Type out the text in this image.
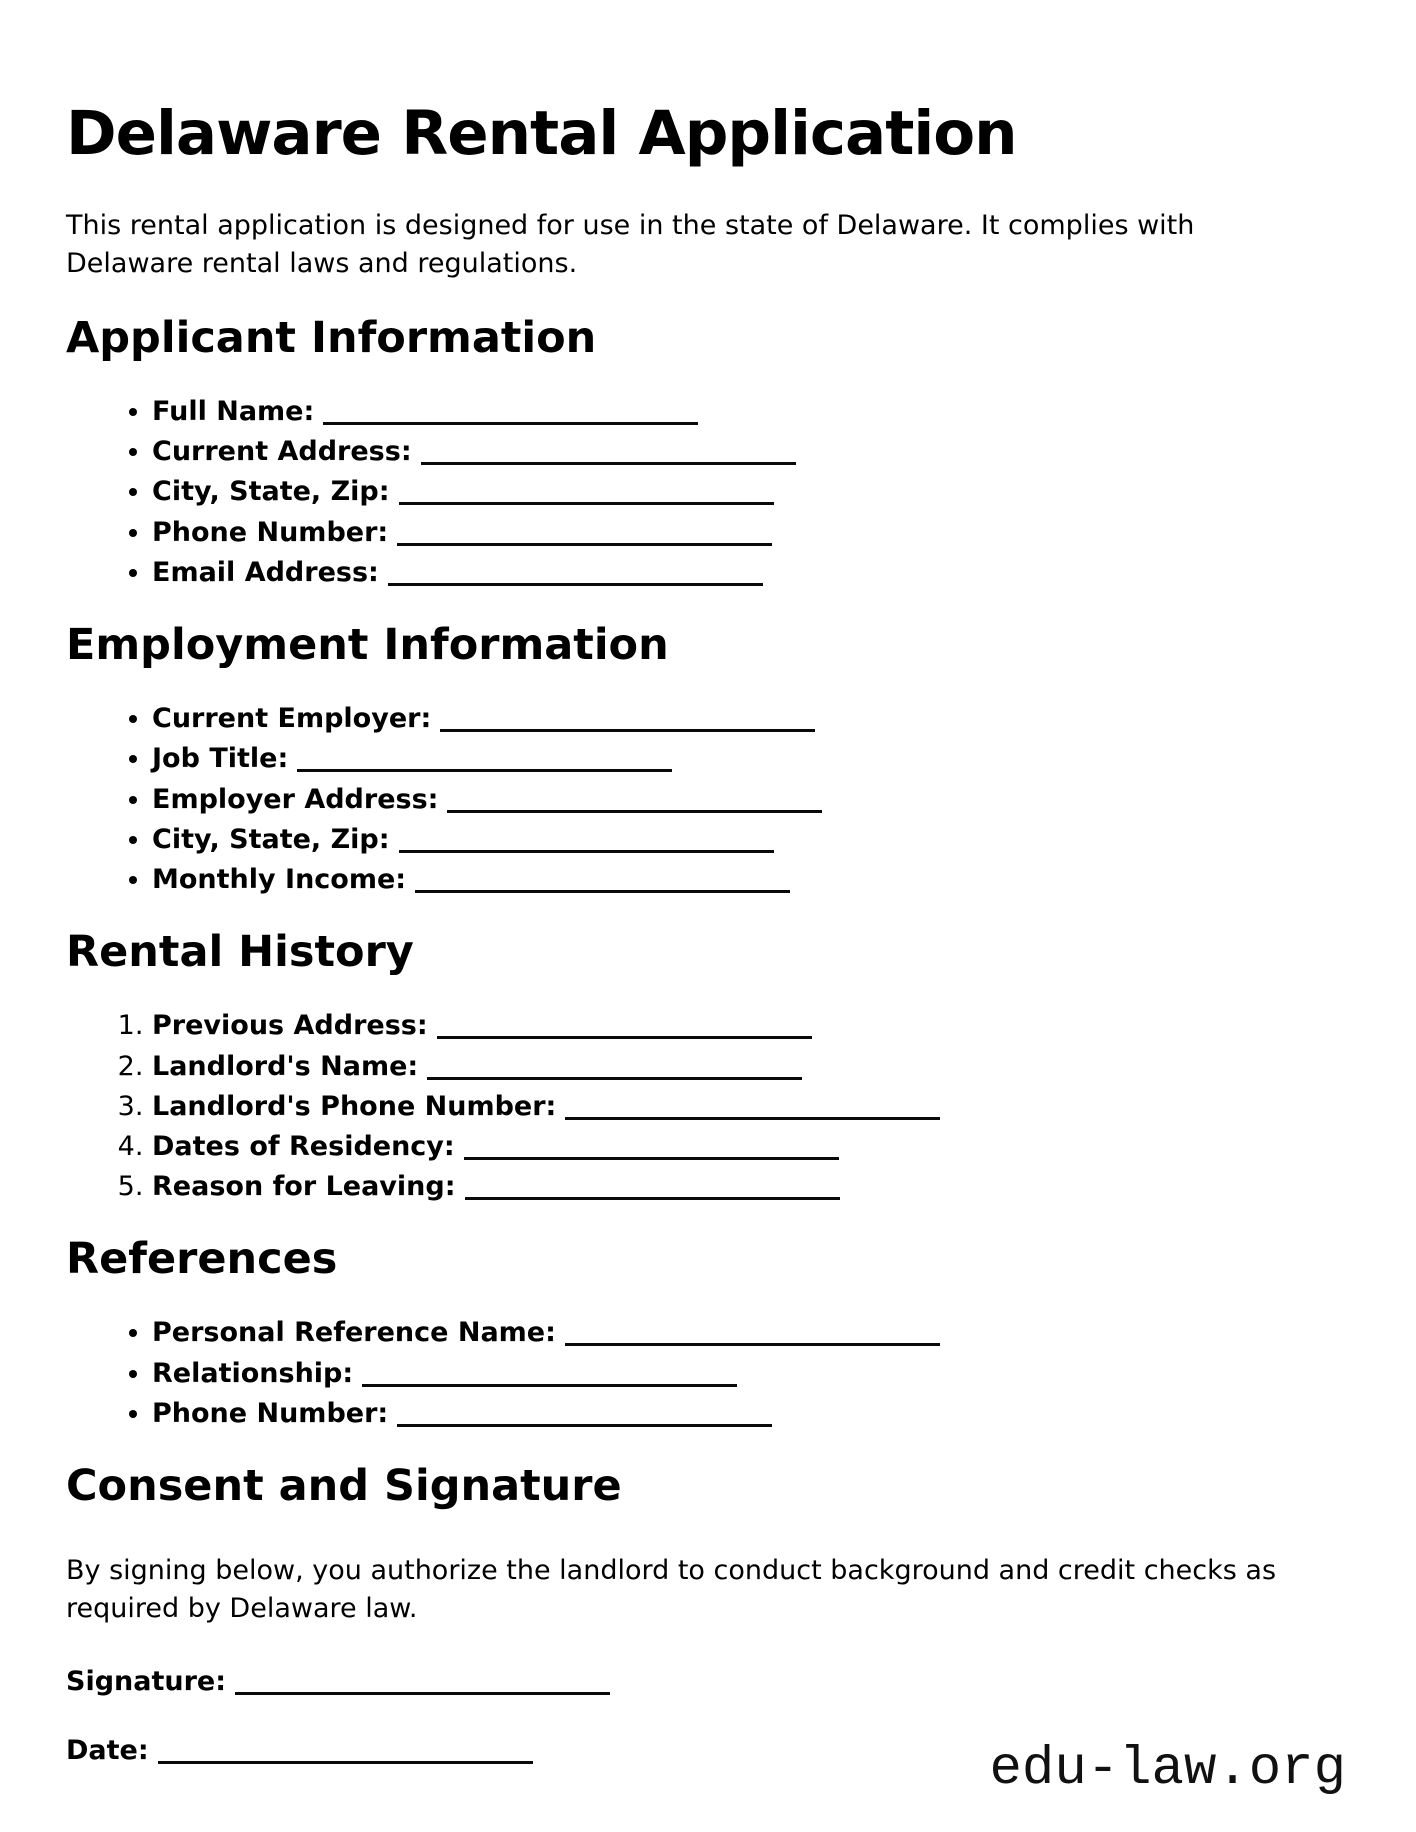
Delaware Rental Application

This rental application is designed for use in the state of Delaware. It complies with Delaware rental laws and regulations.

Applicant Information
• Full Name:
• Current Address:
• City, State, Zip:
• Phone Number:
• Email Address:
Employment Information
• Current Employer:
• Job Title:
• Employer Address:
• City, State, Zip:
• Monthly Income:
Rental History
1. Previous Address:
2. Landlord's Name:
3. Landlord's Phone Number:
4. Dates of Residency:
5. Reason for Leaving:
References
• Personal Reference Name:
• Relationship:
• Phone Number:
Consent and Signature

By signing below, you authorize the landlord to conduct background and credit checks as required by Delaware law.

Signature:

Date:	edu-law.org
